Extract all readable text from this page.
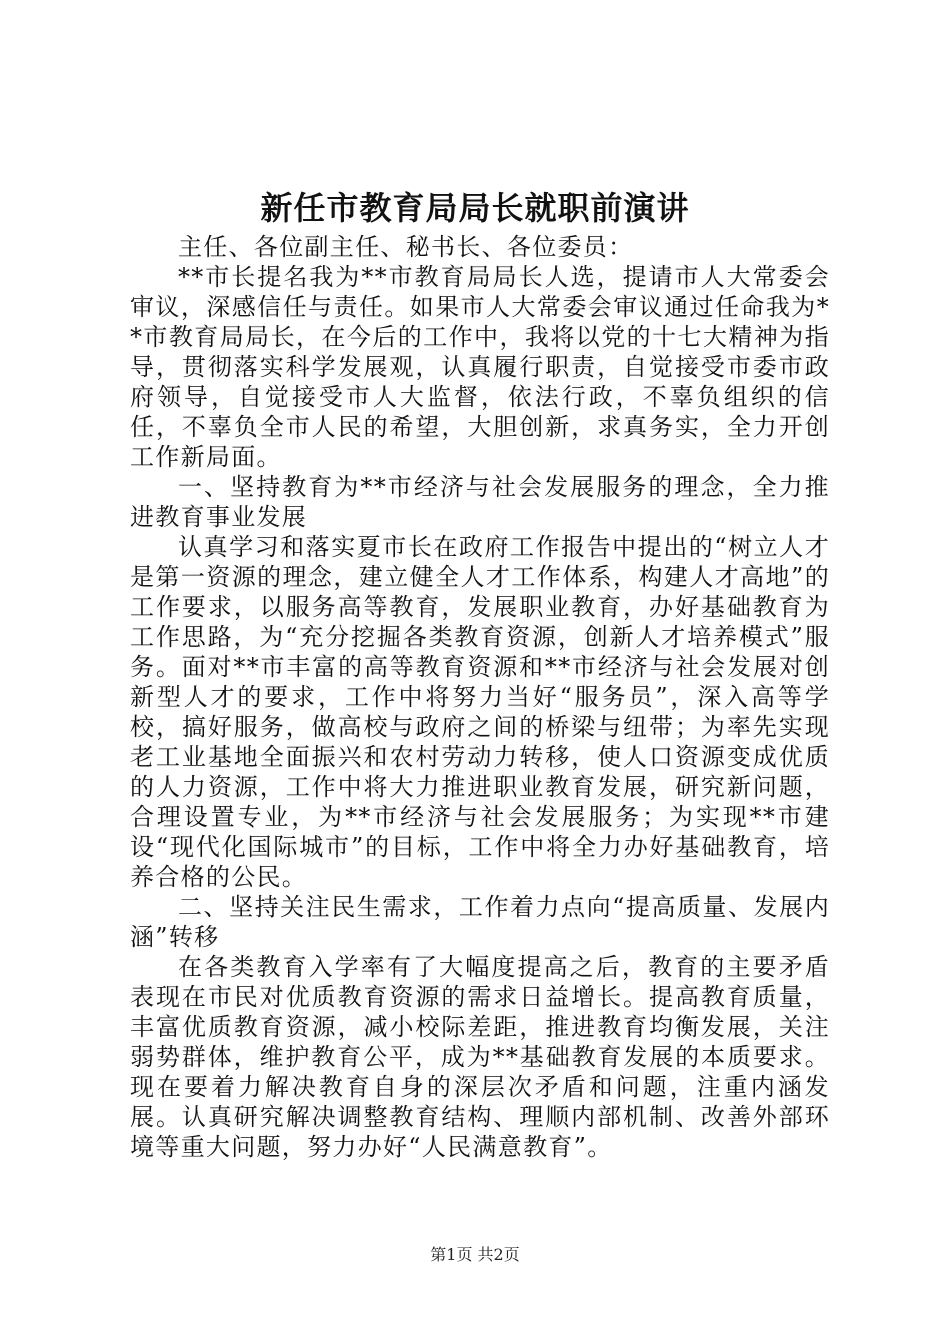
新任市教育局局长就职前演讲

主任、各位副主任、秘书长、各位委员：

**市长提名我为**市教育局局长人选，提请市人大常委会审议，深感信任与责任。如果市人大常委会审议通过任命我为**市教育局局长，在今后的工作中，我将以党的十七大精神为指导，贯彻落实科学发展观，认真履行职责，自觉接受市委市政府领导，自觉接受市人大监督，依法行政，不辜负组织的信任，不辜负全市人民的希望，大胆创新，求真务实，全力开创工作新局面。

一、坚持教育为**市经济与社会发展服务的理念，全力推进教育事业发展

认真学习和落实夏市长在政府工作报告中提出的“树立人才是第一资源的理念，建立健全人才工作体系，构建人才高地”的工作要求，以服务高等教育，发展职业教育，办好基础教育为工作思路，为“充分挖掘各类教育资源，创新人才培养模式”服务。面对**市丰富的高等教育资源和**市经济与社会发展对创新型人才的要求，工作中将努力当好“服务员”，深入高等学校，搞好服务，做高校与政府之间的桥梁与纽带；为率先实现老工业基地全面振兴和农村劳动力转移，使人口资源变成优质的人力资源，工作中将大力推进职业教育发展，研究新问题，合理设置专业，为**市经济与社会发展服务；为实现**市建设“现代化国际城市”的目标，工作中将全力办好基础教育，培养合格的公民。

二、坚持关注民生需求，工作着力点向“提高质量、发展内涵”转移

在各类教育入学率有了大幅度提高之后，教育的主要矛盾表现在市民对优质教育资源的需求日益增长。提高教育质量，丰富优质教育资源，减小校际差距，推进教育均衡发展，关注弱势群体，维护教育公平，成为**基础教育发展的本质要求。现在要着力解决教育自身的深层次矛盾和问题，注重内涵发展。认真研究解决调整教育结构、理顺内部机制、改善外部环境等重大问题，努力办好“人民满意教育”。

第1页 共2页
